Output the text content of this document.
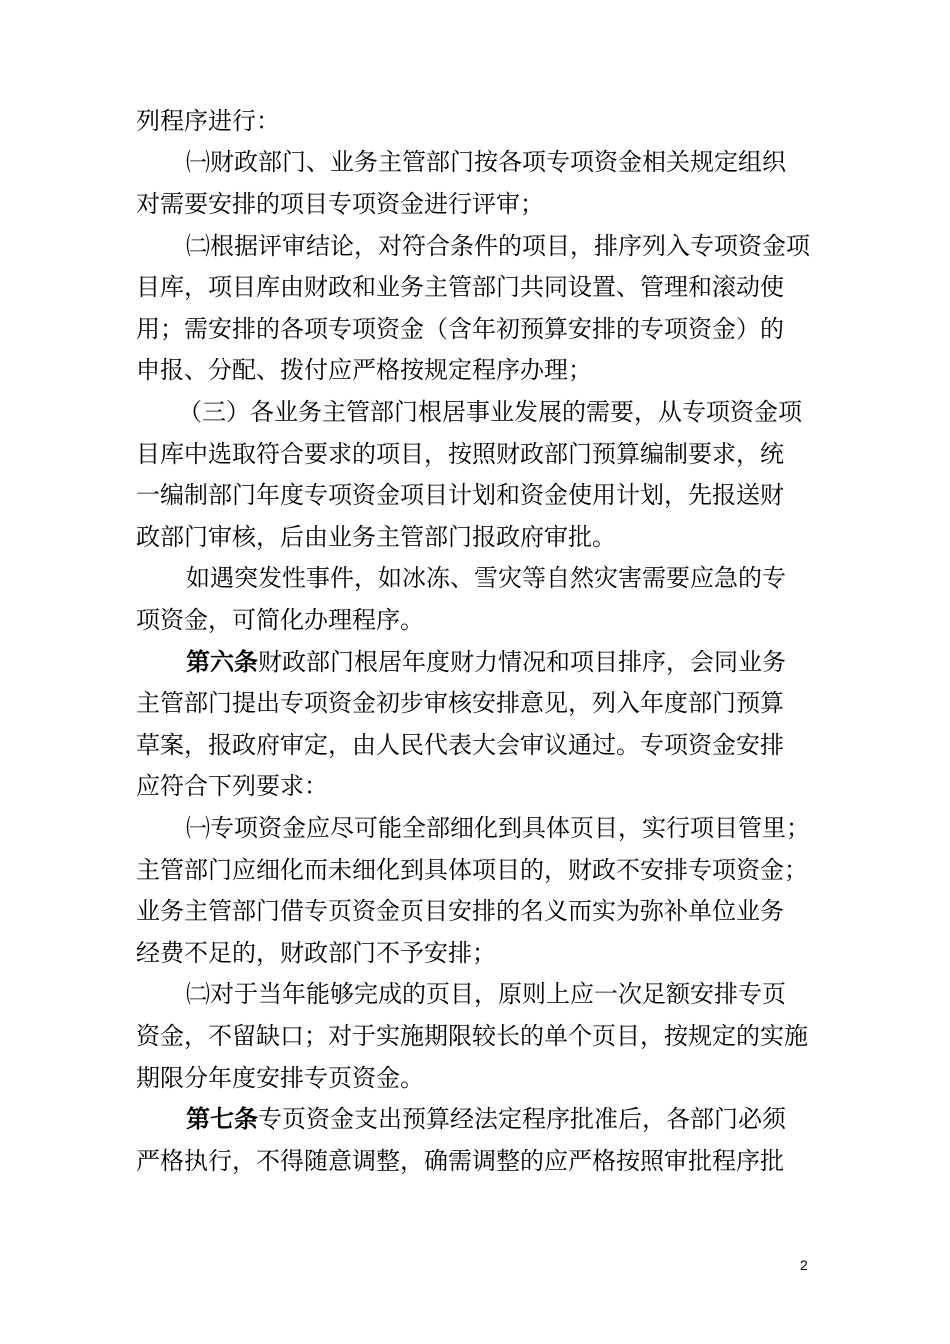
列程序进行：
㈠财政部门、业务主管部门按各项专项资金相关规定组织
对需要安排的项目专项资金进行评审；
㈡根据评审结论，对符合条件的项目，排序列入专项资金项
目库，项目库由财政和业务主管部门共同设置、管理和滚动使
用；需安排的各项专项资金（含年初预算安排的专项资金）的
申报、分配、拨付应严格按规定程序办理；
（三）各业务主管部门根居事业发展的需要，从专项资金项
目库中选取符合要求的项目，按照财政部门预算编制要求，统
一编制部门年度专项资金项目计划和资金使用计划，先报送财
政部门审核，后由业务主管部门报政府审批。
如遇突发性事件，如冰冻、雪灾等自然灾害需要应急的专
项资金，可简化办理程序。
第六条财政部门根居年度财力情况和项目排序，会同业务
主管部门提出专项资金初步审核安排意见，列入年度部门预算
草案，报政府审定，由人民代表大会审议通过。专项资金安排
应符合下列要求：
㈠专项资金应尽可能全部细化到具体页目，实行项目管里；
主管部门应细化而未细化到具体项目的，财政不安排专项资金；
业务主管部门借专页资金页目安排的名义而实为弥补单位业务
经费不足的，财政部门不予安排；
㈡对于当年能够完成的页目，原则上应一次足额安排专页
资金，不留缺口；对于实施期限较长的单个页目，按规定的实施
期限分年度安排专页资金。
第七条专页资金支出预算经法定程序批准后，各部门必须
严格执行，不得随意调整，确需调整的应严格按照审批程序批
2
